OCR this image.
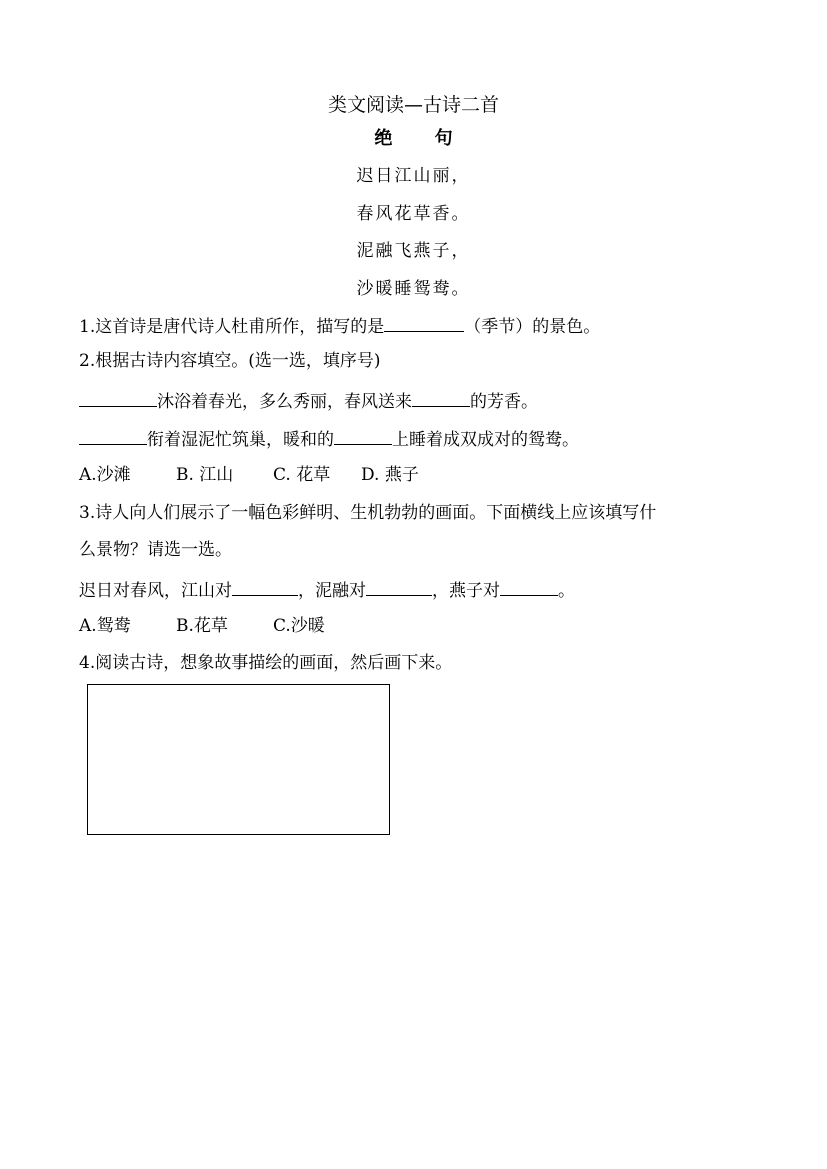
类文阅读—古诗二首
绝 句
迟日江山丽，
春风花草香。
泥融飞燕子，
沙暖睡鸳鸯。
1.这首诗是唐代诗人杜甫所作，描写的是	（季节）的景色。
2.根据古诗内容填空。(选一选，填序号)
沐浴着春光，多么秀丽，春风送来	的芳香。
衔着湿泥忙筑巢，暖和的	上睡着成双成对的鸳鸯。
A.沙滩	B. 江山 C. 花草 D. 燕子
3.诗人向人们展示了一幅色彩鲜明、生机勃勃的画面。下面横线上应该填写什
么景物？请选一选。
迟日对春风，江山对	，泥融对	，燕子对	。
A.鸳鸯	B.花草	C.沙暖
4.阅读古诗，想象故事描绘的画面，然后画下来。
